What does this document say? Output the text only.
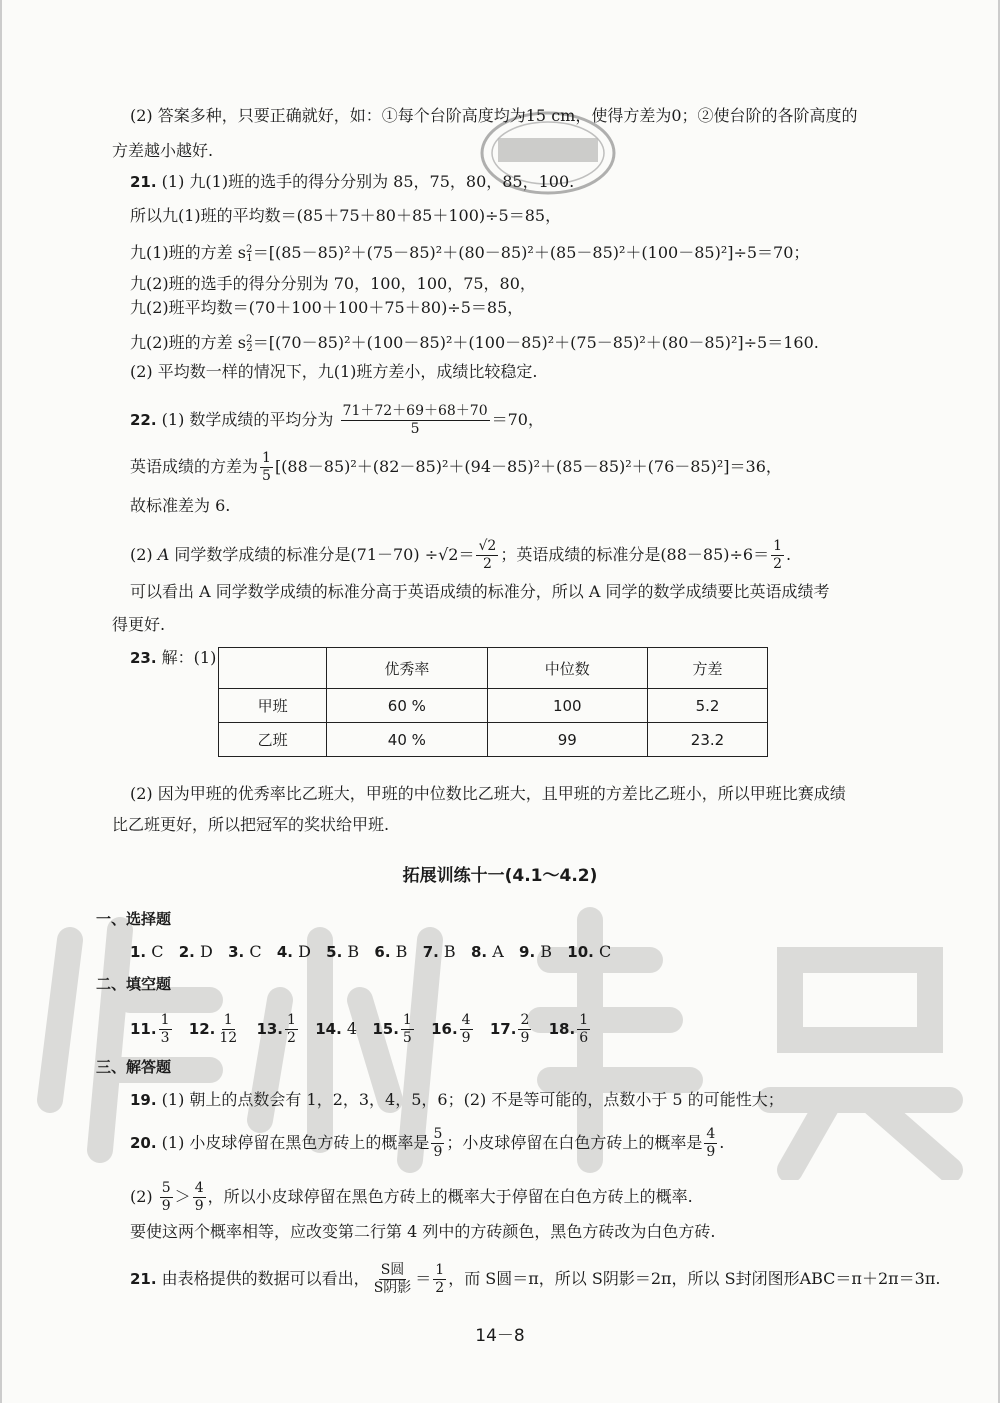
(2) 答案多种，只要正确就好，如：①每个台阶高度均为15 cm，使得方差为0；②使台阶的各阶高度的
方差越小越好.
21. (1) 九(1)班的选手的得分分别为 85，75，80，85，100.
所以九(1)班的平均数＝(85＋75＋80＋85＋100)÷5＝85，
九(1)班的方差 $s^2_1=[(85-85)^2+(75-85)^2+(80-85)^2+(85-85)^2+(100-85)^2]\div 5=70$；
九(2)班的选手的得分分别为 70，100，100，75，80，
九(2)班平均数＝(70＋100＋100＋75＋80)÷5＝85，
九(2)班的方差 $s^2_2=[(70-85)^2+(100-85)^2+(100-85)^2+(75-85)^2+(80-85)^2]\div 5=160$.
(2) 平均数一样的情况下，九(1)班方差小，成绩比较稳定.
22. (1) 数学成绩的平均分为 $\frac{71+72+69+68+70}{5} =70$，
英语成绩的方差为 $\frac{1}{5} [(88-85)^2+(82-85)^2+(94-85)^2+(85-85)^2+(76-85)^2]=36$，
故标准差为 6.
(2) A 同学数学成绩的标准分是$(71-70) \div√2= \frac{√2}{2}$ ；英语成绩的标准分是$(88-85)\div 6= \frac{1}{2}$ .
可以看出 A 同学数学成绩的标准分高于英语成绩的标准分，所以 A 同学的数学成绩要比英语成绩考
得更好.
23. 解：(1)
	优秀率	中位数	方差
甲班	60 %	100	5.2
乙班	40 %	99	23.2
(2) 因为甲班的优秀率比乙班大，甲班的中位数比乙班大，且甲班的方差比乙班小，所以甲班比赛成绩
比乙班更好，所以把冠军的奖状给甲班.
拓展训练十一(4.1～4.2)
一、选择题
1. C 2. D 3. C 4. D 5. B 6. B 7. B 8. A 9. B 10. C
二、填空题
11. $\frac{1}{3} 12$. $\frac{1}{12} 13$. $\frac{1}{2} 14$. 4 15. $\frac{1}{5} 16$. $\frac{4}{9} 17$. $\frac{2}{9} 18$. $\frac{1}{6}$
三、解答题
19. (1) 朝上的点数会有 1，2，3，4，5，6；(2) 不是等可能的，点数小于 5 的可能性大；
20. (1) 小皮球停留在黑色方砖上的概率是 $\frac{5}{9}$ ；小皮球停留在白色方砖上的概率是 $\frac{4}{9}$ .
$(2) \frac{5}{9} > \frac{4}{9}$ ，所以小皮球停留在黑色方砖上的概率大于停留在白色方砖上的概率.
要使这两个概率相等，应改变第二行第 4 列中的方砖颜色，黑色方砖改为白色方砖.
21. 由表格提供的数据可以看出， $\frac{\text{S圆}}{\text{S阴影}} = \frac{1}{2}$ ，而 S圆＝π，所以 S阴影＝2π，所以 S封闭图形ABC＝π＋2π＝3π.
14－8
